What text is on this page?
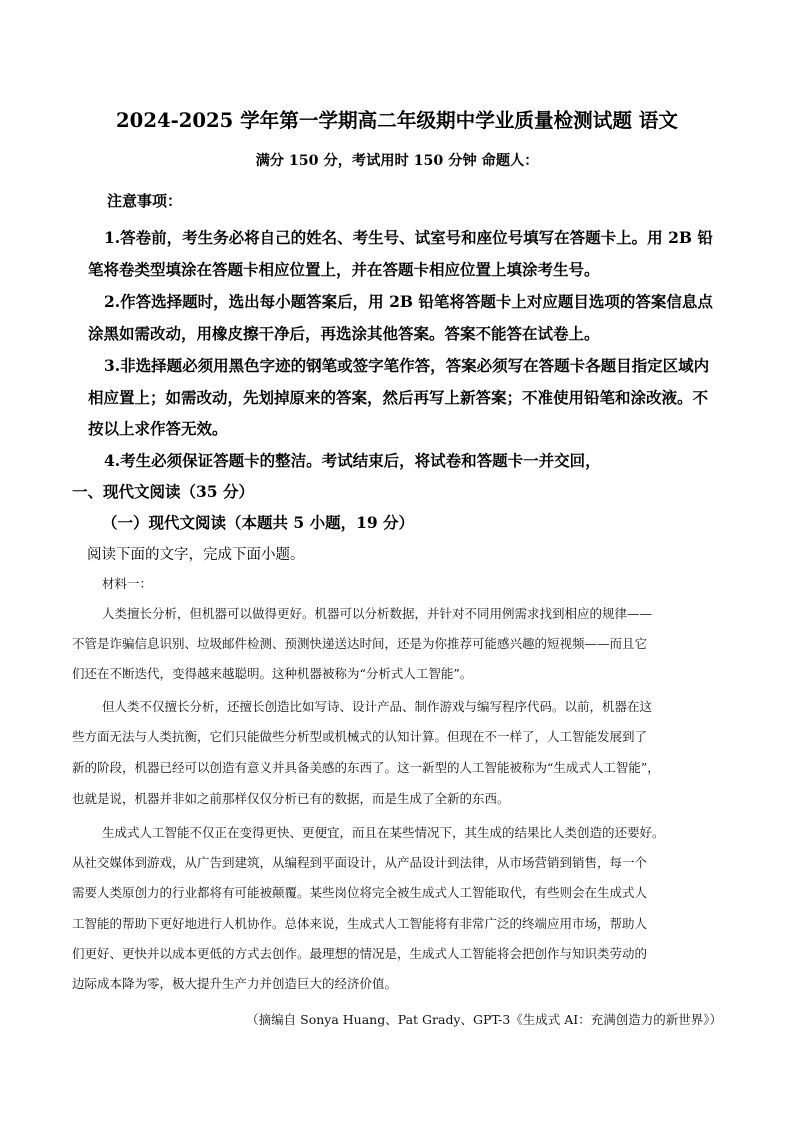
2024-2025 学年第一学期高二年级期中学业质量检测试题 语文
满分 150 分，考试用时 150 分钟 命题人：
注意事项：
1.答卷前，考生务必将自己的姓名、考生号、试室号和座位号填写在答题卡上。用 2B 铅
笔将卷类型填涂在答题卡相应位置上，并在答题卡相应位置上填涂考生号。
2.作答选择题时，选出每小题答案后，用 2B 铅笔将答题卡上对应题目选项的答案信息点
涂黑如需改动，用橡皮擦干净后，再选涂其他答案。答案不能答在试卷上。
3.非选择题必须用黑色字迹的钢笔或签字笔作答，答案必须写在答题卡各题目指定区域内
相应置上；如需改动，先划掉原来的答案，然后再写上新答案；不准使用铅笔和涂改液。不
按以上求作答无效。
4.考生必须保证答题卡的整洁。考试结束后，将试卷和答题卡一并交回，
一、现代文阅读（35 分）
（一）现代文阅读（本题共 5 小题，19 分）
阅读下面的文字，完成下面小题。
材料一：
人类擅长分析，但机器可以做得更好。机器可以分析数据，并针对不同用例需求找到相应的规律——
不管是诈骗信息识别、垃圾邮件检测、预测快递送达时间，还是为你推荐可能感兴趣的短视频——而且它
们还在不断迭代，变得越来越聪明。这种机器被称为“分析式人工智能”。
但人类不仅擅长分析，还擅长创造比如写诗、设计产品、制作游戏与编写程序代码。以前，机器在这
些方面无法与人类抗衡，它们只能做些分析型或机械式的认知计算。但现在不一样了，人工智能发展到了
新的阶段，机器已经可以创造有意义并具备美感的东西了。这一新型的人工智能被称为“生成式人工智能”，
也就是说，机器并非如之前那样仅仅分析已有的数据，而是生成了全新的东西。
生成式人工智能不仅正在变得更快、更便宜，而且在某些情况下，其生成的结果比人类创造的还要好。
从社交媒体到游戏，从广告到建筑，从编程到平面设计，从产品设计到法律，从市场营销到销售，每一个
需要人类原创力的行业都将有可能被颠覆。某些岗位将完全被生成式人工智能取代，有些则会在生成式人
工智能的帮助下更好地进行人机协作。总体来说，生成式人工智能将有非常广泛的终端应用市场，帮助人
们更好、更快并以成本更低的方式去创作。最理想的情况是，生成式人工智能将会把创作与知识类劳动的
边际成本降为零，极大提升生产力并创造巨大的经济价值。
（摘编自 Sonya Huang、Pat Grady、GPT-3《生成式 AI：充满创造力的新世界》）
